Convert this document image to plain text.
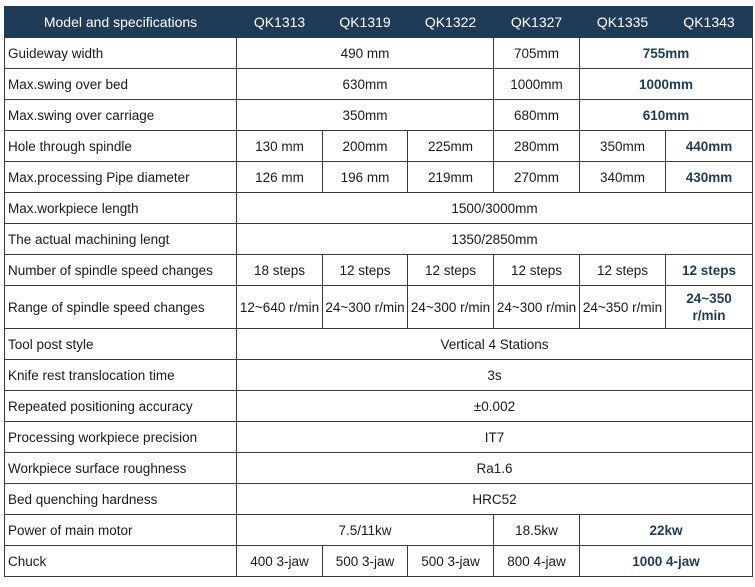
Model and specifications	QK1313	QK1319	QK1322	QK1327	QK1335	QK1343
Guideway width	490 mm			705mm	755mm	
Max.swing over bed	630mm			1000mm	1000mm	
Max.swing over carriage	350mm			680mm	610mm	
Hole through spindle	130 mm	200mm	225mm	280mm	350mm	440mm
Max.processing Pipe diameter	126 mm	196 mm	219mm	270mm	340mm	430mm
Max.workpiece length	1500/3000mm					
The actual machining lengt	1350/2850mm					
Number of spindle speed changes	18 steps	12 steps	12 steps	12 steps	12 steps	12 steps
Range of spindle speed changes	12~640 r/min	24~300 r/min	24~300 r/min	24~300 r/min	24~350 r/min	24~350 r/min
Tool post style	Vertical 4 Stations					
Knife rest translocation time	3s					
Repeated positioning accuracy	±0.002					
Processing workpiece precision	IT7					
Workpiece surface roughness	Ra1.6					
Bed quenching hardness	HRC52					
Power of main motor	7.5/11kw			18.5kw	22kw	
Chuck	400 3-jaw	500 3-jaw	500 3-jaw	800 4-jaw	1000 4-jaw	
